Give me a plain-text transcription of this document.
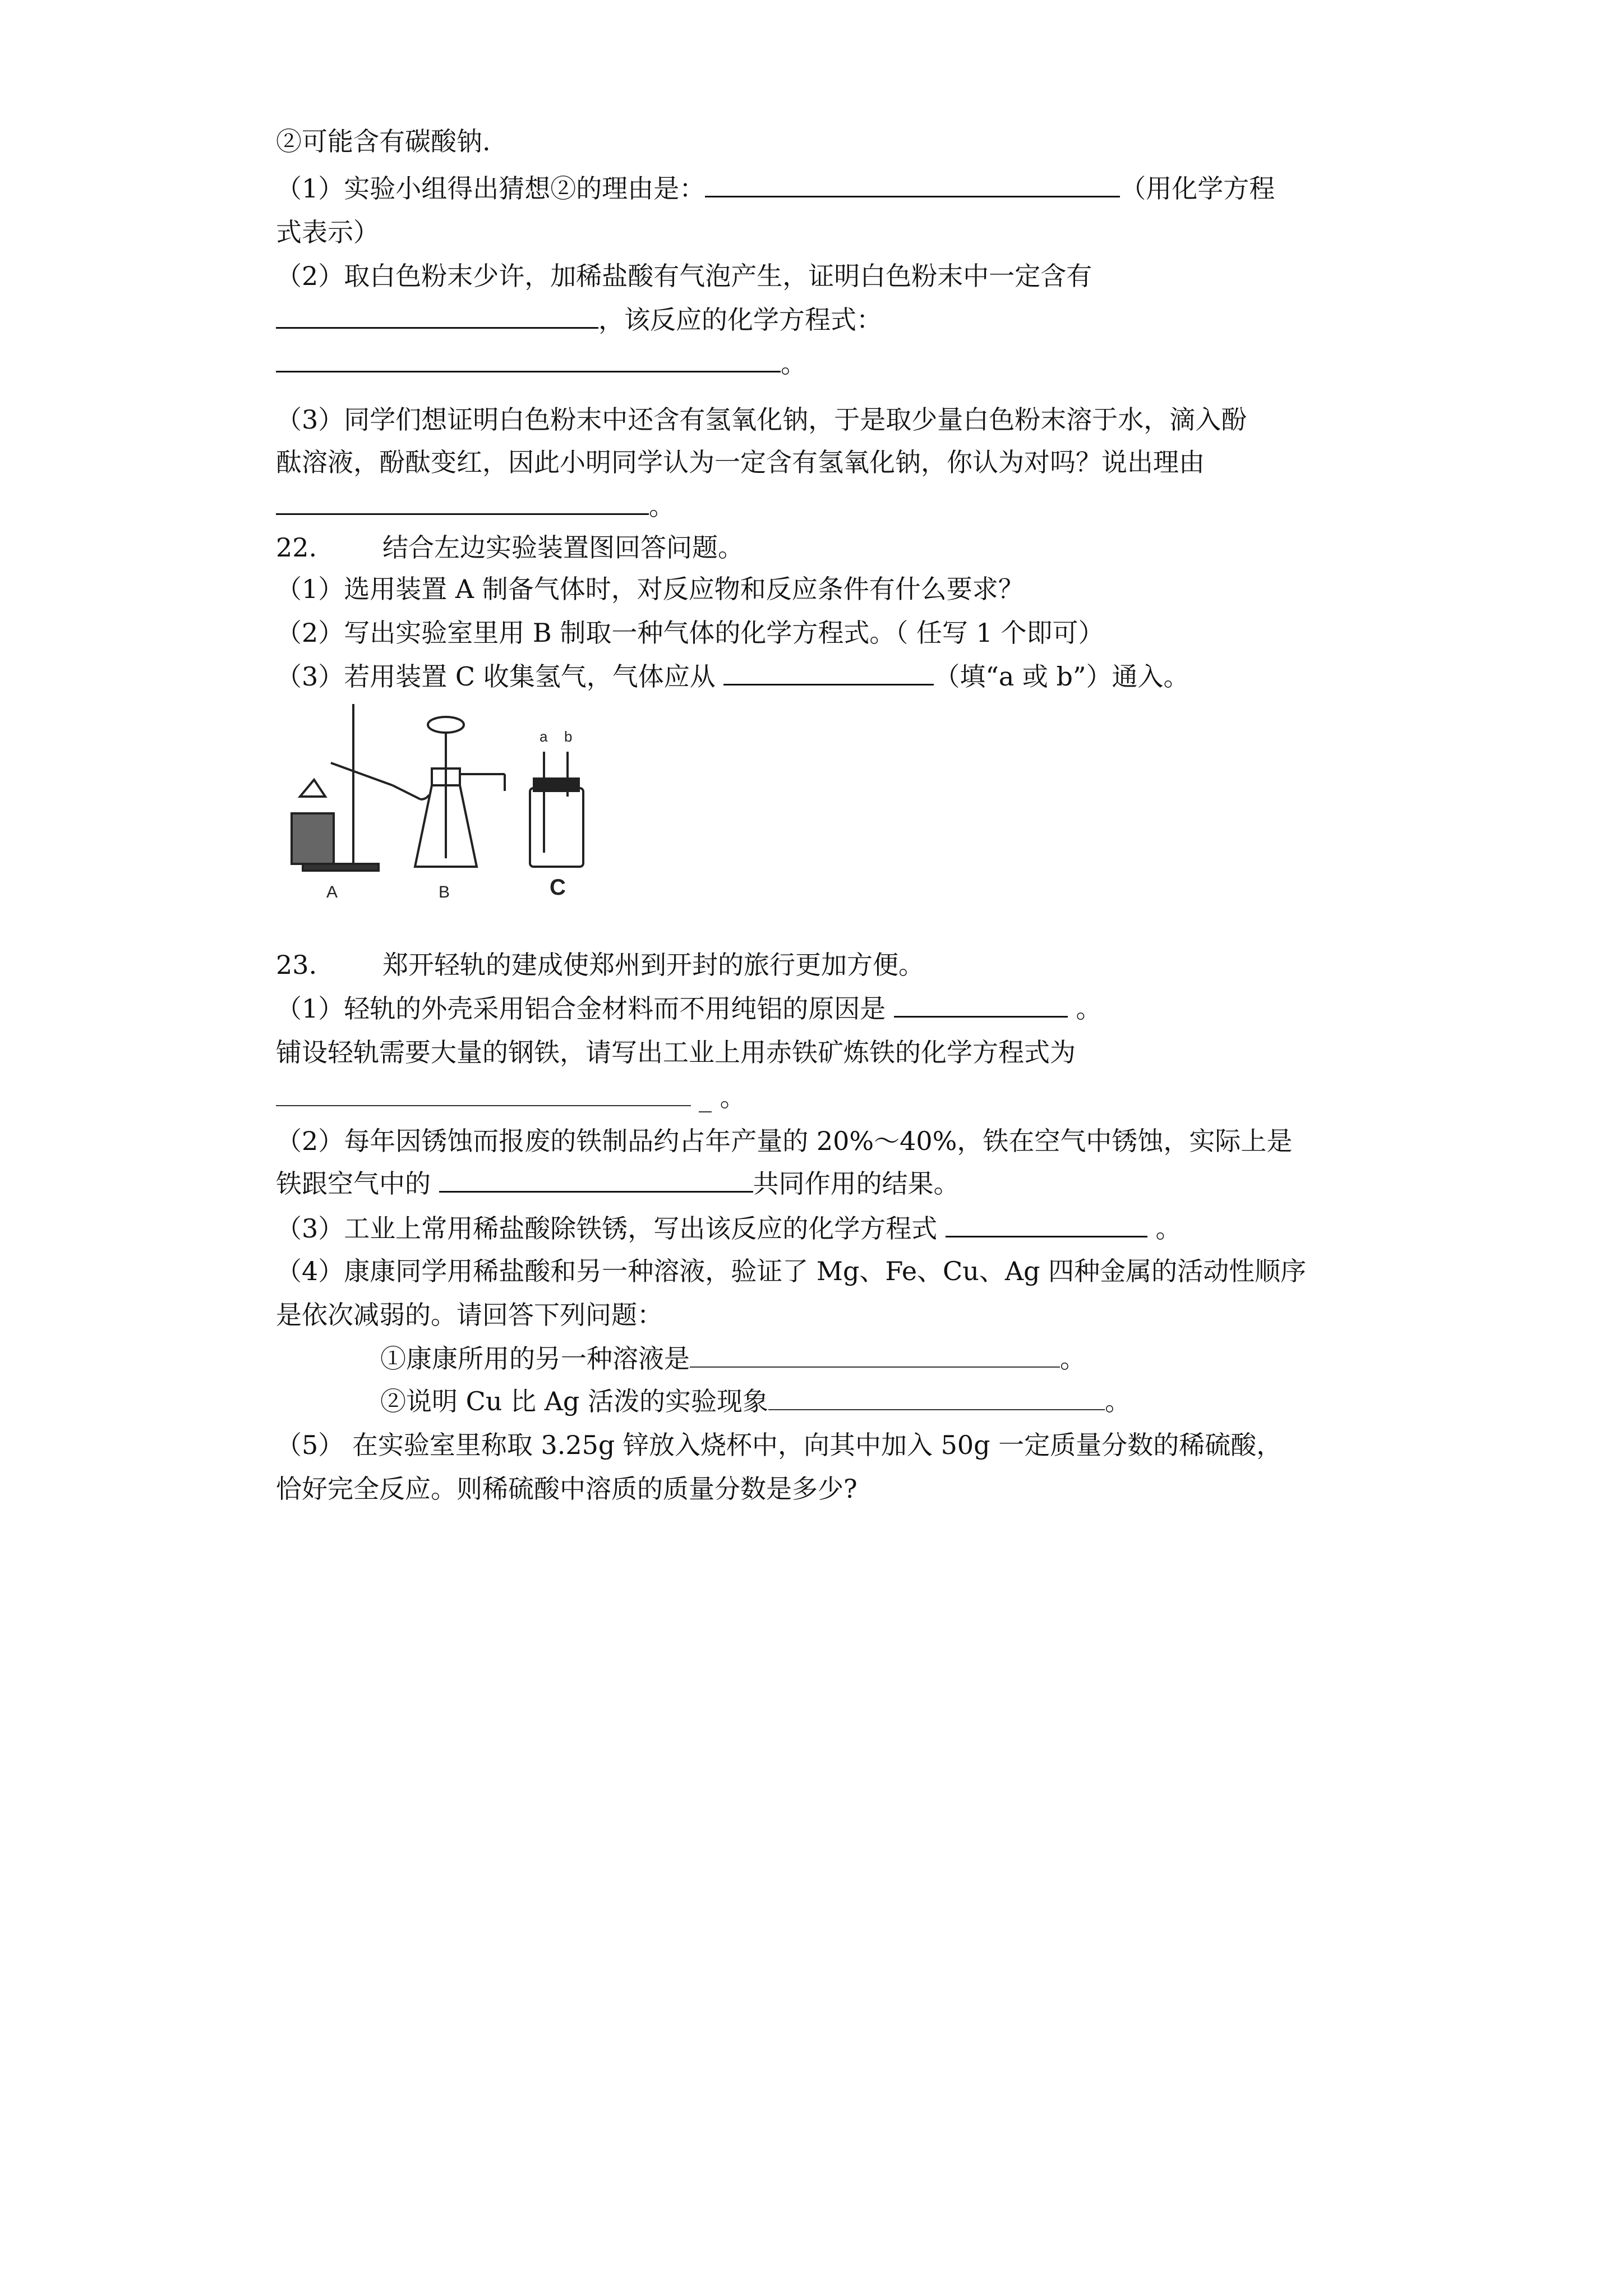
②可能含有碳酸钠.
（1）实验小组得出猜想②的理由是：	（用化学方程
式表示）
（2）取白色粉末少许，加稀盐酸有气泡产生，证明白色粉末中一定含有
，该反应的化学方程式：
。
（3）同学们想证明白色粉末中还含有氢氧化钠，于是取少量白色粉末溶于水，滴入酚
酞溶液，酚酞变红，因此小明同学认为一定含有氢氧化钠，你认为对吗？说出理由
。
22.	结合左边实验装置图回答问题。
（1）选用装置 A 制备气体时，对反应物和反应条件有什么要求？
（2）写出实验室里用 B 制取一种气体的化学方程式。（ 任写 1 个即可）
（3）若用装置 C 收集氢气，气体应从	（填“a 或 b”）通入。
a b
A	B	C
23.	郑开轻轨的建成使郑州到开封的旅行更加方便。
（1）轻轨的外壳采用铝合金材料而不用纯铝的原因是	。
铺设轻轨需要大量的钢铁，请写出工业上用赤铁矿炼铁的化学方程式为
_ 。
（2）每年因锈蚀而报废的铁制品约占年产量的 20%～40%，铁在空气中锈蚀，实际上是
铁跟空气中的	共同作用的结果。
（3）工业上常用稀盐酸除铁锈，写出该反应的化学方程式	。
（4）康康同学用稀盐酸和另一种溶液，验证了 Mg、Fe、Cu、Ag 四种金属的活动性顺序
是依次减弱的。请回答下列问题：
①康康所用的另一种溶液是	。
②说明 Cu 比 Ag 活泼的实验现象	。
（5） 在实验室里称取 3.25g 锌放入烧杯中，向其中加入 50g 一定质量分数的稀硫酸，
恰好完全反应。则稀硫酸中溶质的质量分数是多少?
